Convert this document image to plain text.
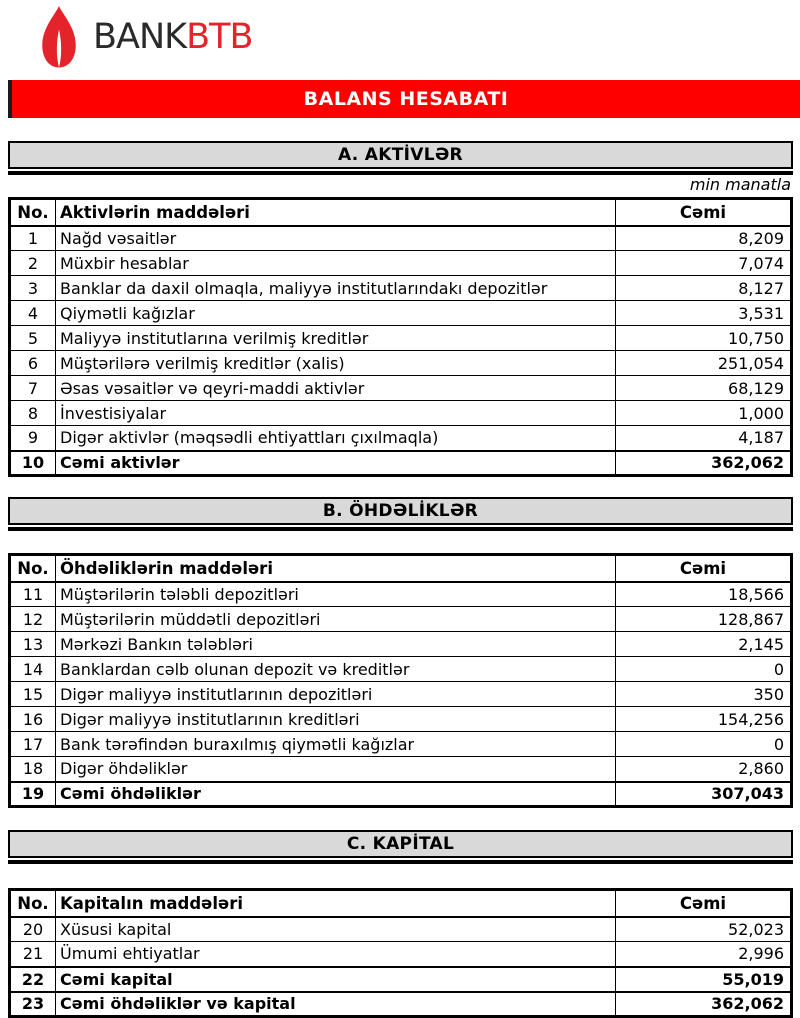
BANKBTB
BALANS HESABATI
A. AKTİVLƏR
min manatla
No.	Aktivlərin maddələri	Cəmi
1	Nağd vəsaitlər	8,209
2	Müxbir hesablar	7,074
3	Banklar da daxil olmaqla, maliyyə institutlarındakı depozitlər	8,127
4	Qiymətli kağızlar	3,531
5	Maliyyə institutlarına verilmiş kreditlər	10,750
6	Müştərilərə verilmiş kreditlər (xalis)	251,054
7	Əsas vəsaitlər və qeyri-maddi aktivlər	68,129
8	İnvestisiyalar	1,000
9	Digər aktivlər (məqsədli ehtiyattları çıxılmaqla)	4,187
10	Cəmi aktivlər	362,062
B. ÖHDƏLİKLƏR
No.	Öhdəliklərin maddələri	Cəmi
11	Müştərilərin tələbli depozitləri	18,566
12	Müştərilərin müddətli depozitləri	128,867
13	Mərkəzi Bankın tələbləri	2,145
14	Banklardan cəlb olunan depozit və kreditlər	0
15	Digər maliyyə institutlarının depozitləri	350
16	Digər maliyyə institutlarının kreditləri	154,256
17	Bank tərəfindən buraxılmış qiymətli kağızlar	0
18	Digər öhdəliklər	2,860
19	Cəmi öhdəliklər	307,043
C. KAPİTAL
No.	Kapitalın maddələri	Cəmi
20	Xüsusi kapital	52,023
21	Ümumi ehtiyatlar	2,996
22	Cəmi kapital	55,019
23	Cəmi öhdəliklər və kapital	362,062
